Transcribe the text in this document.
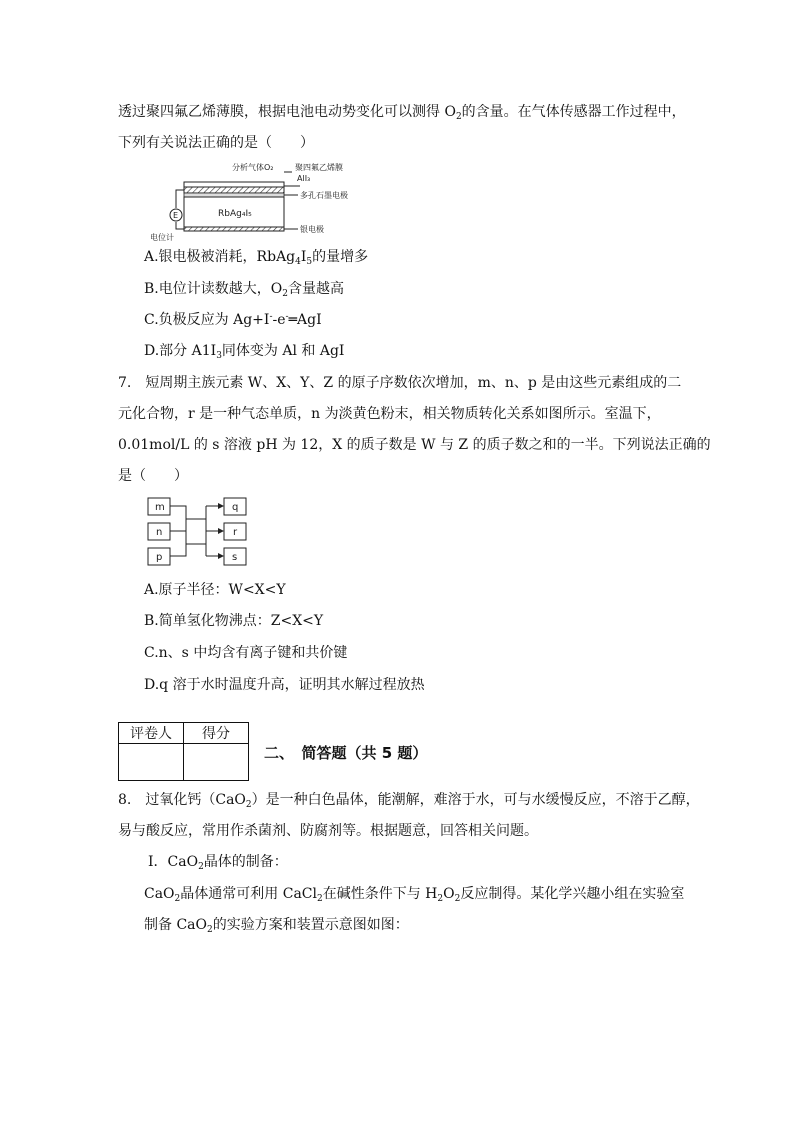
透过聚四氟乙烯薄膜，根据电池电动势变化可以测得 $O_2$的含量。在气体传感器工作过程中，
下列有关说法正确的是（　　）
RbAg₄I₅
分析气体O₂	聚四氟乙烯膜
AlI₃
多孔石墨电极
银电极
E
电位计
A.银电极被消耗，$RbAg_4I_5$的量增多
B.电位计读数越大，$O_2$含量越高
C.负极反应为 Ag+I--e-═AgI
D.部分 $A1I_3$同体变为 Al 和 AgI
7.　短周期主族元素 W、X、Y、Z 的原子序数依次增加，m、n、p 是由这些元素组成的二
元化合物，r 是一种气态单质，n 为淡黄色粉末，相关物质转化关系如图所示。室温下，
0.01mol/L 的 s 溶液 pH 为 12，X 的质子数是 W 与 Z 的质子数之和的一半。下列说法正确的
是（　　）
m
n
p
q
r
s
A.原子半径：W<X<Y
B.简单氢化物沸点：Z<X<Y
C.n、s 中均含有离子键和共价键
D.q 溶于水时温度升高，证明其水解过程放热
评卷人	得分

二、　简答题（共 5 题）
8.　过氧化钙（CaO$_2$）是一种白色晶体，能潮解，难溶于水，可与水缓慢反应，不溶于乙醇，
易与酸反应，常用作杀菌剂、防腐剂等。根据题意，回答相关问题。
Ⅰ．CaO$_2$晶体的制备：
CaO$_2$晶体通常可利用 CaCl$_2$在碱性条件下与 $H_2O_2$反应制得。某化学兴趣小组在实验室
制备 CaO$_2$的实验方案和装置示意图如图：
